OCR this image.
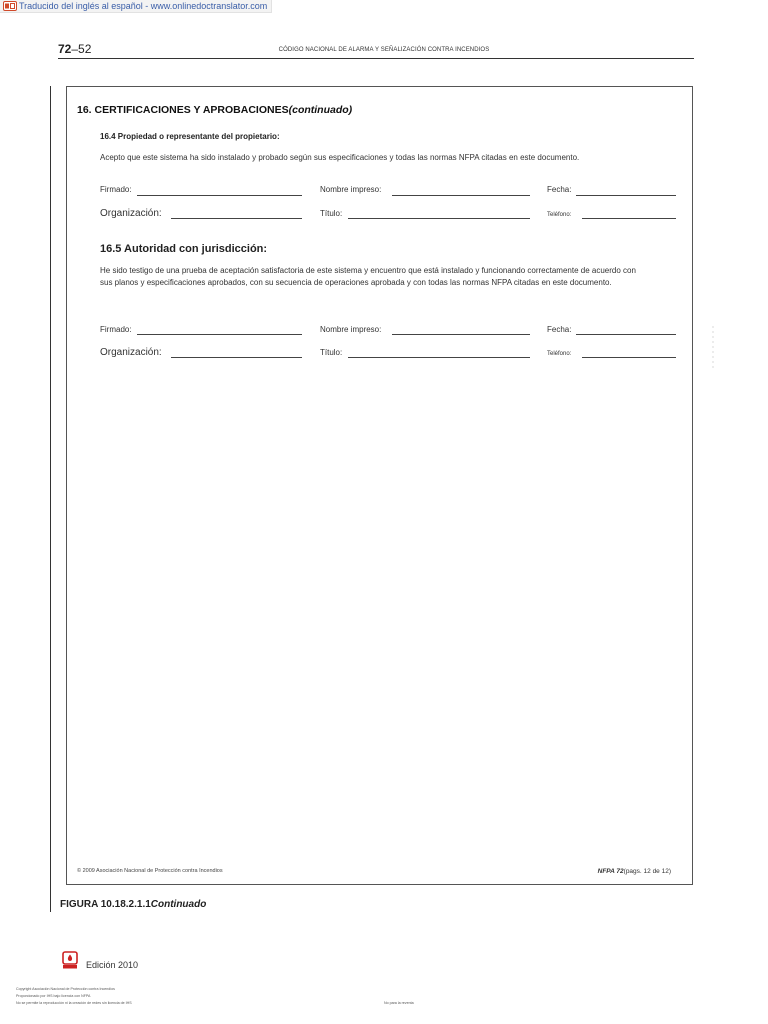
Traducido del inglés al español - www.onlinedoctranslator.com
72–52	CÓDIGO NACIONAL DE ALARMA Y SEÑALIZACIÓN CONTRA INCENDIOS
16. CERTIFICACIONES Y APROBACIONES(continuado)
16.4 Propiedad o representante del propietario:
Acepto que este sistema ha sido instalado y probado según sus especificaciones y todas las normas NFPA citadas en este documento.
Firmado:	Nombre impreso:	Fecha:
Organización:	Título:	Teléfono:
16.5 Autoridad con jurisdicción:
He sido testigo de una prueba de aceptación satisfactoria de este sistema y encuentro que está instalado y funcionando correctamente de acuerdo con sus planos y especificaciones aprobados, con su secuencia de operaciones aprobada y con todas las normas NFPA citadas en este documento.
Firmado:	Nombre impreso:	Fecha:
Organización:	Título:	Teléfono:
© 2009 Asociación Nacional de Protección contra Incendios	NFPA 72(pags. 12 de 12)
FIGURA 10.18.2.1.1Continuado
Edición 2010
Copyright Asociación Nacional de Protección contra Incendios
Proporcionado por IHS bajo licencia con NFPA
No se permite la reproducción ni la creación de redes sin licencia de IHS	No para la reventa
